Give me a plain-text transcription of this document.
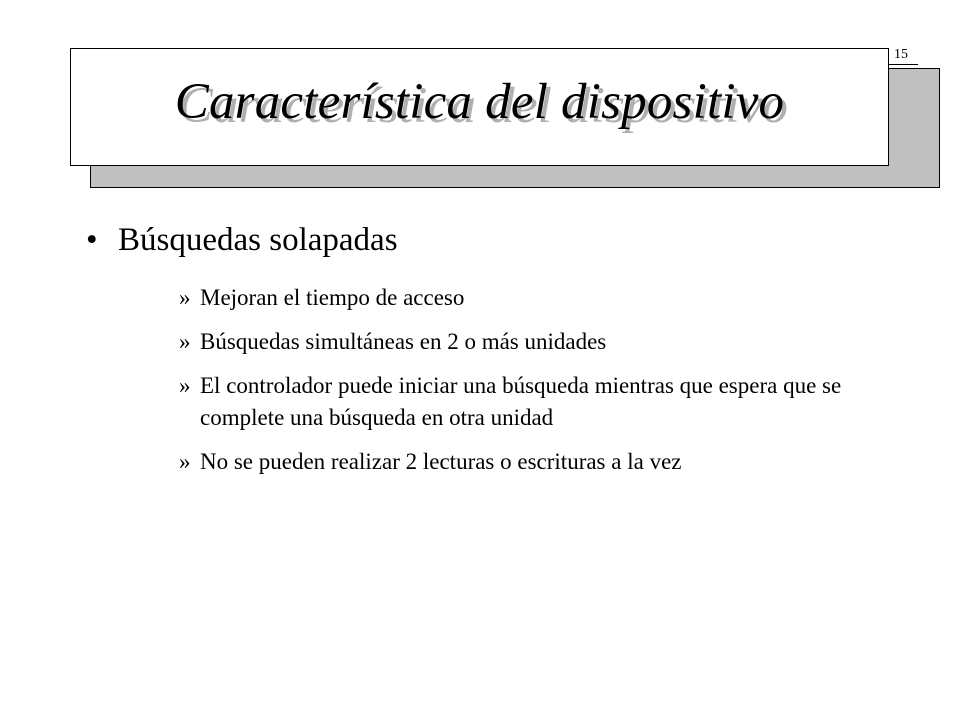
15
Característica del dispositivo
• Búsquedas solapadas
» Mejoran el tiempo de acceso
» Búsquedas simultáneas en 2 o más unidades
» El controlador puede iniciar una búsqueda mientras que espera que se complete una búsqueda en otra unidad
» No se pueden realizar 2 lecturas o escrituras a la vez
